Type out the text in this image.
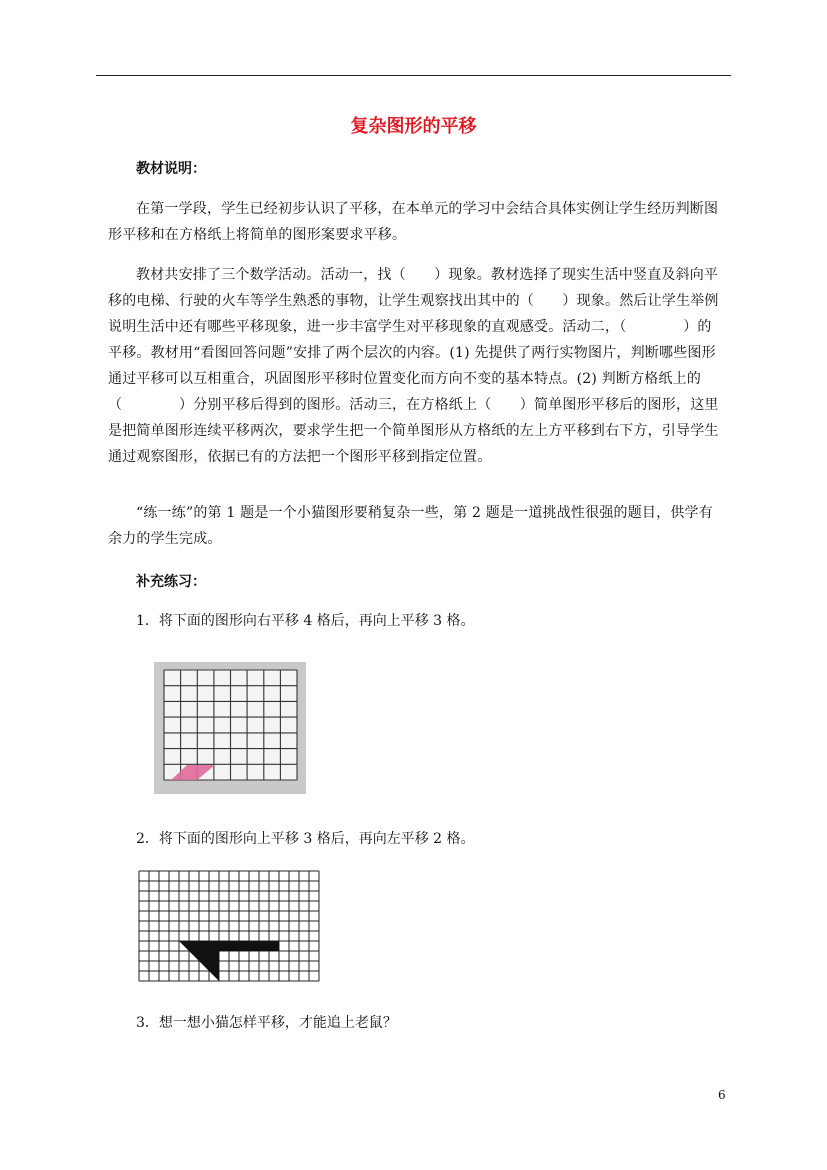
复杂图形的平移
教材说明：
在第一学段，学生已经初步认识了平移，在本单元的学习中会结合具体实例让学生经历判断图形平移和在方格纸上将简单的图形案要求平移。
教材共安排了三个数学活动。活动一，找（　　）现象。教材选择了现实生活中竖直及斜向平移的电梯、行驶的火车等学生熟悉的事物，让学生观察找出其中的（　　）现象。然后让学生举例说明生活中还有哪些平移现象，进一步丰富学生对平移现象的直观感受。活动二，（　　　　）的平移。教材用“看图回答问题”安排了两个层次的内容。(1) 先提供了两行实物图片，判断哪些图形通过平移可以互相重合，巩固图形平移时位置变化而方向不变的基本特点。(2) 判断方格纸上的（　　　　）分别平移后得到的图形。活动三，在方格纸上（　　）简单图形平移后的图形，这里是把简单图形连续平移两次，要求学生把一个简单图形从方格纸的左上方平移到右下方，引导学生通过观察图形，依据已有的方法把一个图形平移到指定位置。
“练一练”的第 1 题是一个小猫图形要稍复杂一些，第 2 题是一道挑战性很强的题目，供学有余力的学生完成。
补充练习：
1．将下面的图形向右平移 4 格后，再向上平移 3 格。
2．将下面的图形向上平移 3 格后，再向左平移 2 格。
3．想一想小猫怎样平移，才能追上老鼠？
6
